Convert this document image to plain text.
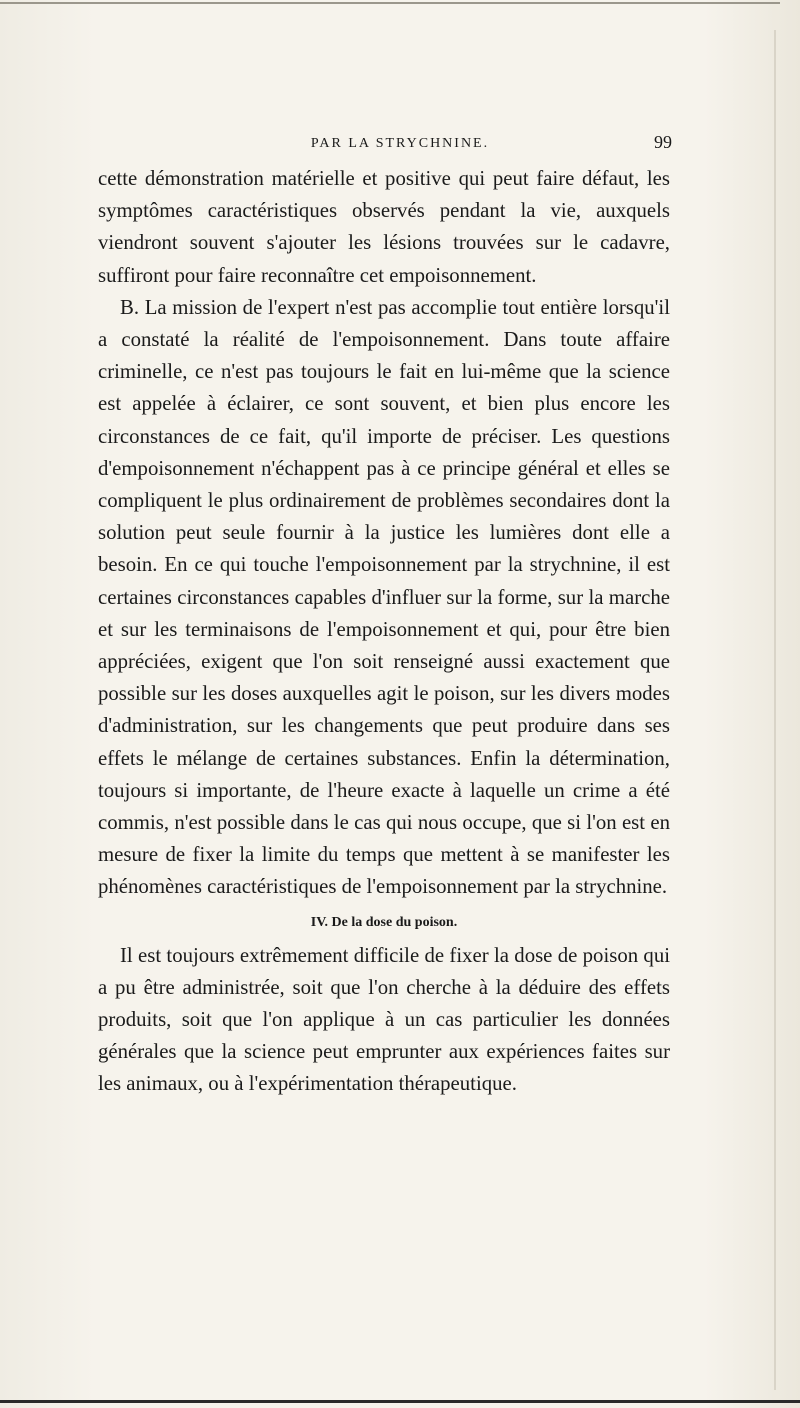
PAR LA STRYCHNINE.	99

cette démonstration matérielle et positive qui peut faire défaut, les symptômes caractéristiques observés pendant la vie, auxquels viendront souvent s'ajouter les lésions trouvées sur le cadavre, suffiront pour faire reconnaître cet empoisonnement.

B. La mission de l'expert n'est pas accomplie tout entière lorsqu'il a constaté la réalité de l'empoisonnement. Dans toute affaire criminelle, ce n'est pas toujours le fait en lui-même que la science est appelée à éclairer, ce sont souvent, et bien plus encore les circonstances de ce fait, qu'il importe de préciser. Les questions d'empoisonnement n'échappent pas à ce principe général et elles se compliquent le plus ordinairement de problèmes secondaires dont la solution peut seule fournir à la justice les lumières dont elle a besoin. En ce qui touche l'empoisonnement par la strychnine, il est certaines circonstances capables d'influer sur la forme, sur la marche et sur les terminaisons de l'empoisonnement et qui, pour être bien appréciées, exigent que l'on soit renseigné aussi exactement que possible sur les doses auxquelles agit le poison, sur les divers modes d'administration, sur les changements que peut produire dans ses effets le mélange de certaines substances. Enfin la détermination, toujours si importante, de l'heure exacte à laquelle un crime a été commis, n'est possible dans le cas qui nous occupe, que si l'on est en mesure de fixer la limite du temps que mettent à se manifester les phénomènes caractéristiques de l'empoisonnement par la strychnine.

IV. De la dose du poison.

Il est toujours extrêmement difficile de fixer la dose de poison qui a pu être administrée, soit que l'on cherche à la déduire des effets produits, soit que l'on applique à un cas particulier les données générales que la science peut emprunter aux expériences faites sur les animaux, ou à l'expérimentation thérapeutique.
